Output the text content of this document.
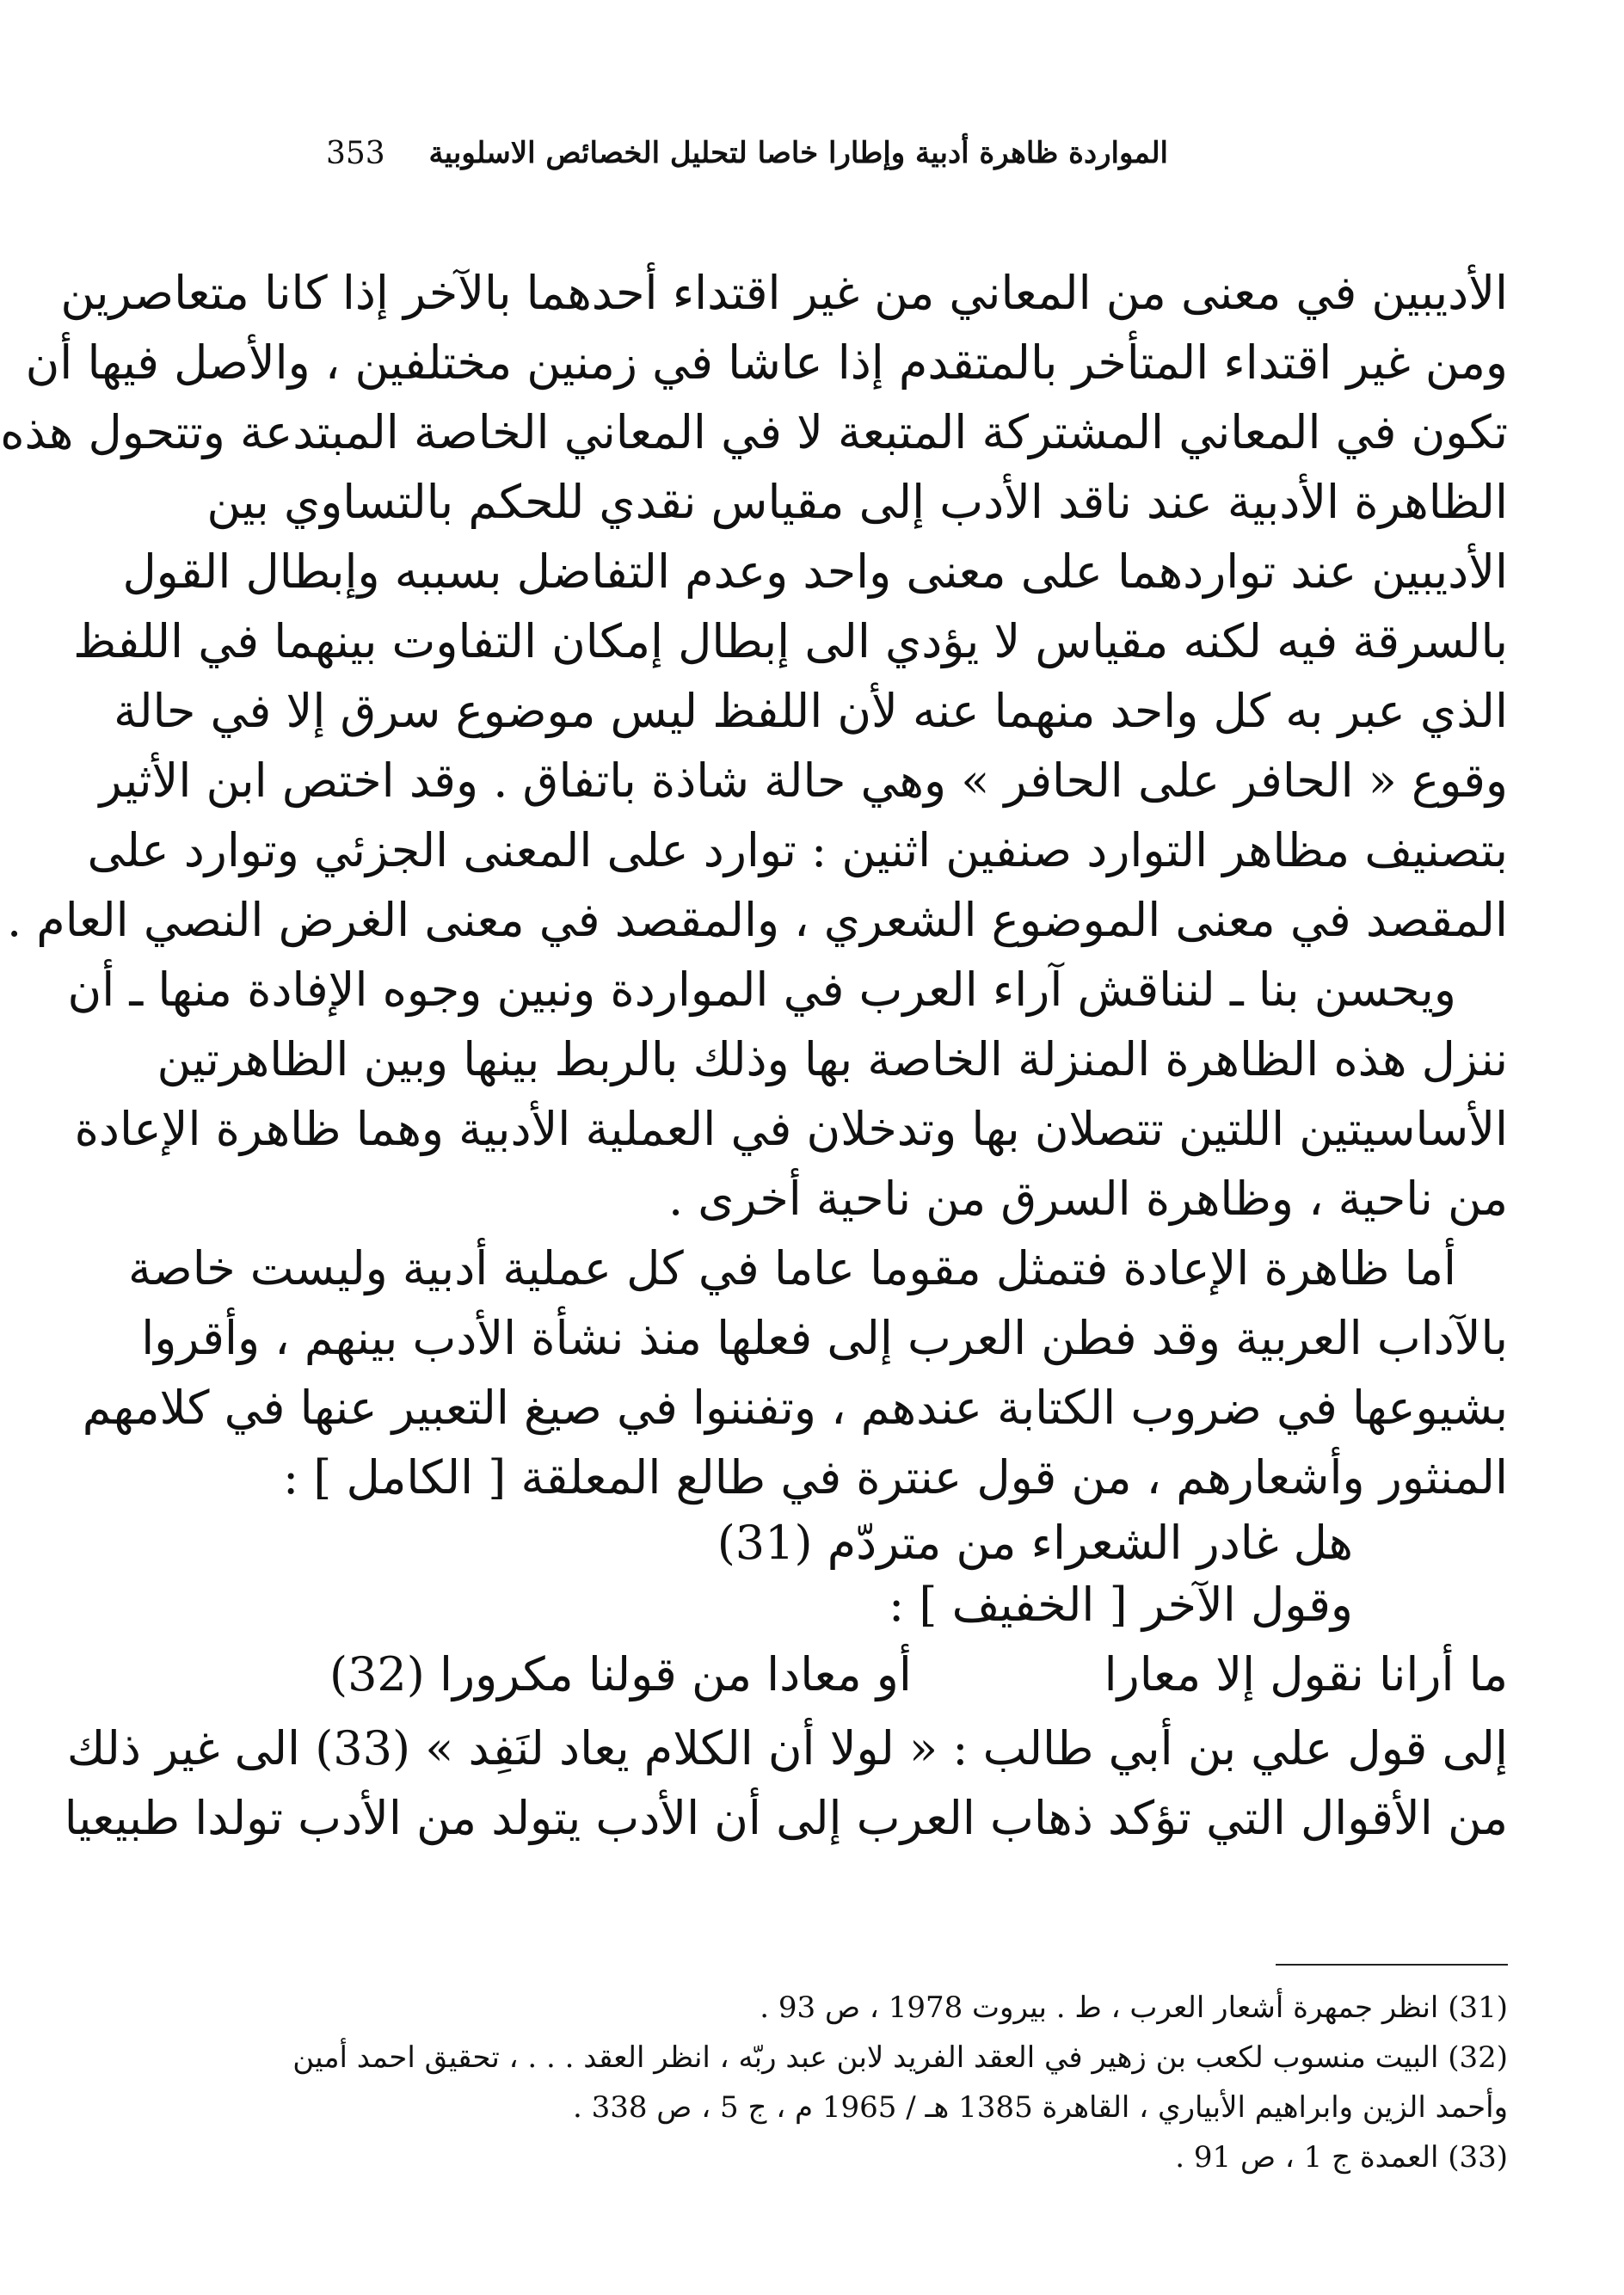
المواردة ظاهرة أدبية وإطارا خاصا لتحليل الخصائص الاسلوبية
353
الأديبين في معنى من المعاني من غير اقتداء أحدهما بالآخر إذا كانا متعاصرين
ومن غير اقتداء المتأخر بالمتقدم إذا عاشا في زمنين مختلفين ، والأصل فيها أن
تكون في المعاني المشتركة المتبعة لا في المعاني الخاصة المبتدعة وتتحول هذه
الظاهرة الأدبية عند ناقد الأدب إلى مقياس نقدي للحكم بالتساوي بين
الأديبين عند تواردهما على معنى واحد وعدم التفاضل بسببه وإبطال القول
بالسرقة فيه لكنه مقياس لا يؤدي الى إبطال إمكان التفاوت بينهما في اللفظ
الذي عبر به كل واحد منهما عنه لأن اللفظ ليس موضوع سرق إلا في حالة
وقوع « الحافر على الحافر » وهي حالة شاذة باتفاق . وقد اختص ابن الأثير
بتصنيف مظاهر التوارد صنفين اثنين : توارد على المعنى الجزئي وتوارد على
المقصد في معنى الموضوع الشعري ، والمقصد في معنى الغرض النصي العام .
ويحسن بنا ـ لنناقش آراء العرب في المواردة ونبين وجوه الإفادة منها ـ أن
ننزل هذه الظاهرة المنزلة الخاصة بها وذلك بالربط بينها وبين الظاهرتين
الأساسيتين اللتين تتصلان بها وتدخلان في العملية الأدبية وهما ظاهرة الإعادة
من ناحية ، وظاهرة السرق من ناحية أخرى .
أما ظاهرة الإعادة فتمثل مقوما عاما في كل عملية أدبية وليست خاصة
بالآداب العربية وقد فطن العرب إلى فعلها منذ نشأة الأدب بينهم ، وأقروا
بشيوعها في ضروب الكتابة عندهم ، وتفننوا في صيغ التعبير عنها في كلامهم
المنثور وأشعارهم ، من قول عنترة في طالع المعلقة [ الكامل ] :
هل غادر الشعراء من متردّم (31)
وقول الآخر [ الخفيف ] :
ما أرانا نقول إلا معارا
أو معادا من قولنا مكرورا (32)
إلى قول علي بن أبي طالب : « لولا أن الكلام يعاد لنَفِد » (33) الى غير ذلك
من الأقوال التي تؤكد ذهاب العرب إلى أن الأدب يتولد من الأدب تولدا طبيعيا
(31) انظر جمهرة أشعار العرب ، ط . بيروت 1978 ، ص 93 .
(32) البيت منسوب لكعب بن زهير في العقد الفريد لابن عبد ربّه ، انظر العقد . . . ، تحقيق احمد أمين
وأحمد الزين وابراهيم الأبياري ، القاهرة 1385 هـ / 1965 م ، ج 5 ، ص 338 .
(33) العمدة ج 1 ، ص 91 .
